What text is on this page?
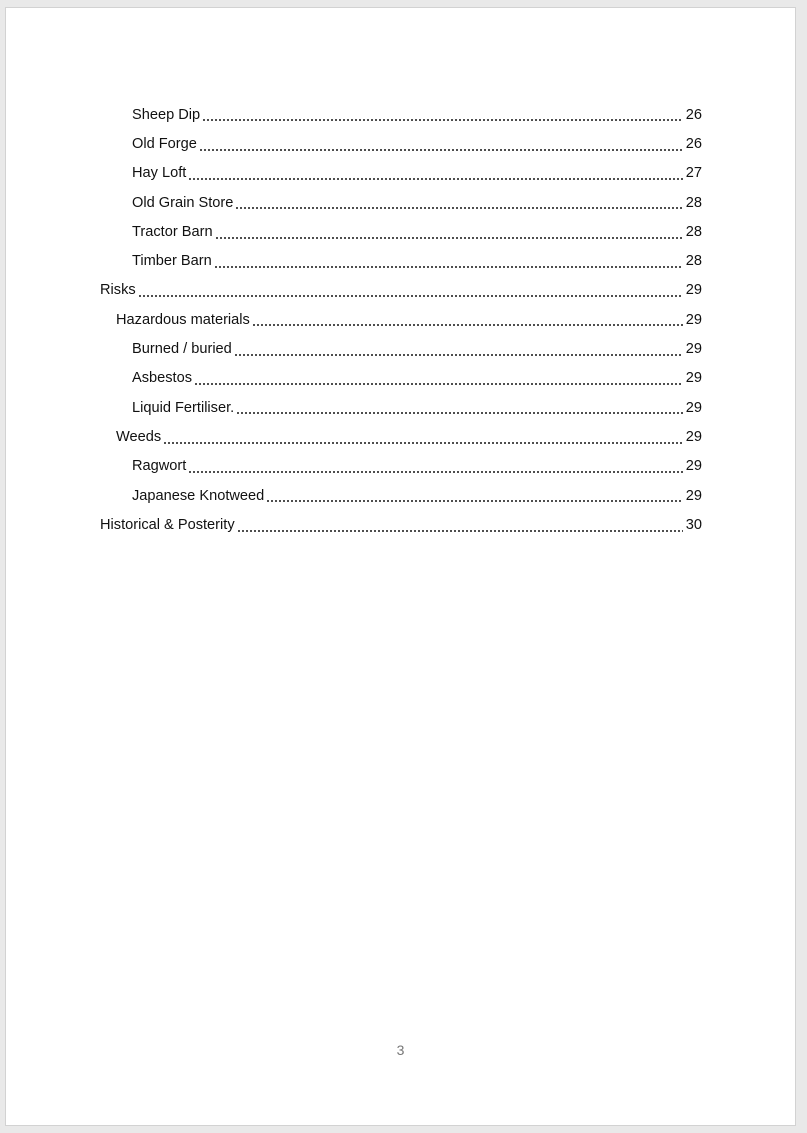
Sheep Dip	26
Old Forge	26
Hay Loft	27
Old Grain Store	28
Tractor Barn	28
Timber Barn	28
Risks	29
Hazardous materials	29
Burned / buried	29
Asbestos	29
Liquid Fertiliser.	29
Weeds	29
Ragwort	29
Japanese Knotweed	29
Historical & Posterity	30
3
